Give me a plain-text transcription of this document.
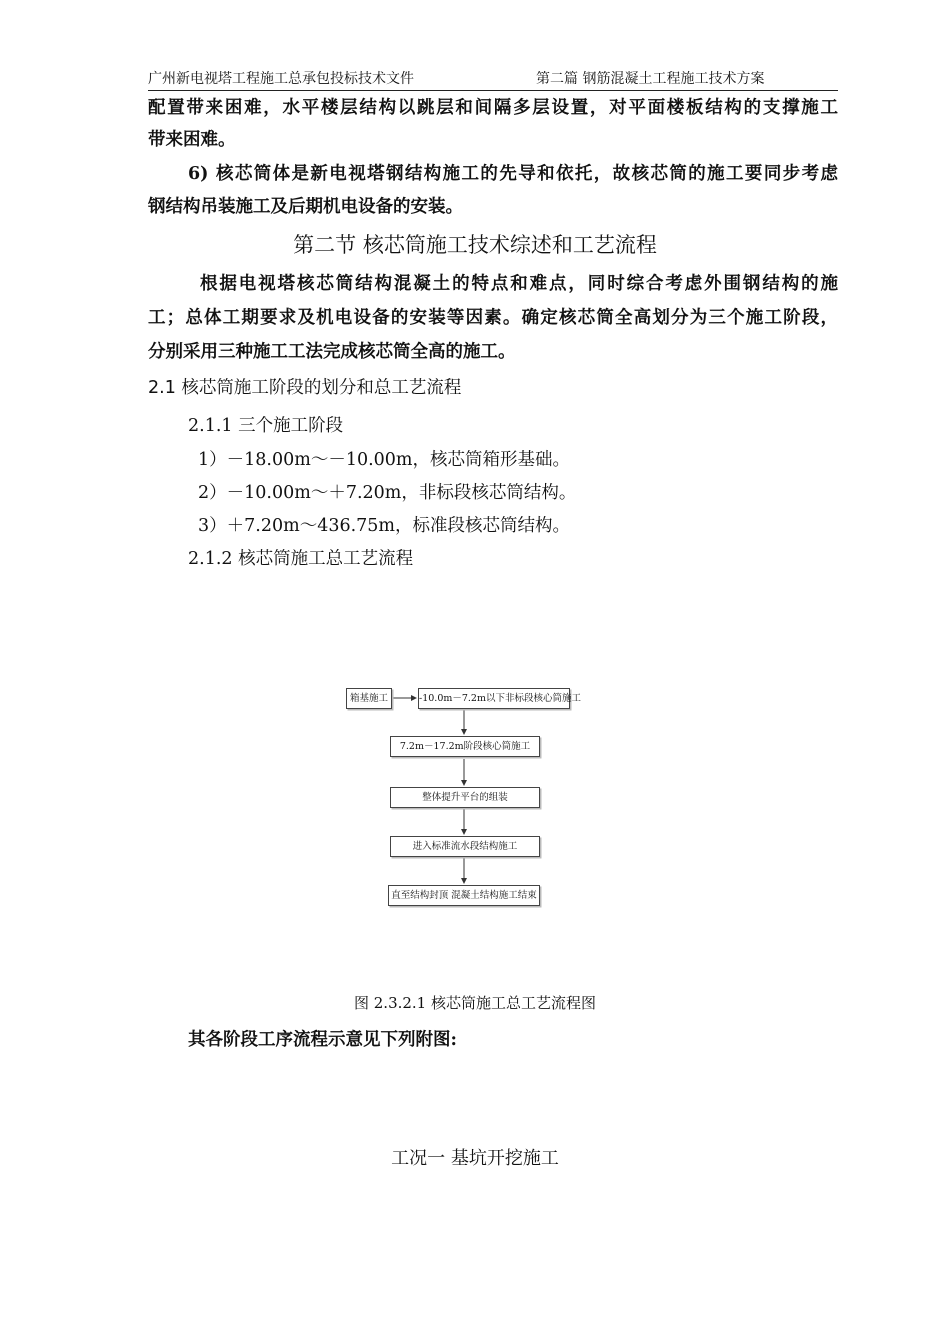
广州新电视塔工程施工总承包投标技术文件	第二篇 钢筋混凝土工程施工技术方案
配置带来困难，水平楼层结构以跳层和间隔多层设置，对平面楼板结构的支撑施工
带来困难。
6) 核芯筒体是新电视塔钢结构施工的先导和依托，故核芯筒的施工要同步考虑
钢结构吊装施工及后期机电设备的安装。
第二节 核芯筒施工技术综述和工艺流程
根据电视塔核芯筒结构混凝土的特点和难点，同时综合考虑外围钢结构的施
工；总体工期要求及机电设备的安装等因素。确定核芯筒全高划分为三个施工阶段，
分别采用三种施工工法完成核芯筒全高的施工。
2.1 核芯筒施工阶段的划分和总工艺流程
2.1.1 三个施工阶段
1）－18.00m～－10.00m，核芯筒箱形基础。
2）－10.00m～＋7.20m，非标段核芯筒结构。
3）＋7.20m～436.75m，标准段核芯筒结构。
2.1.2 核芯筒施工总工艺流程
箱基施工	-10.0m－7.2m以下非标段核心筒施工
7.2m－17.2m阶段核心筒施工
整体提升平台的组装
进入标准流水段结构施工
直至结构封顶 混凝土结构施工结束
图 2.3.2.1 核芯筒施工总工艺流程图
其各阶段工序流程示意见下列附图:
工况一 基坑开挖施工
